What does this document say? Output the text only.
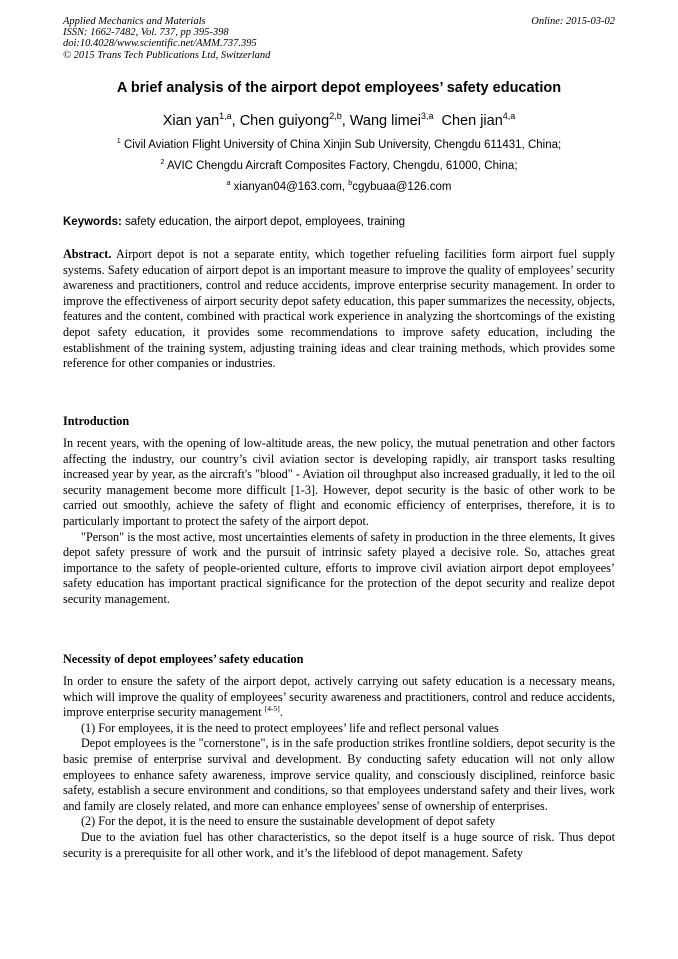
Applied Mechanics and Materials
ISSN: 1662-7482, Vol. 737, pp 395-398
doi:10.4028/www.scientific.net/AMM.737.395
© 2015 Trans Tech Publications Ltd, Switzerland
Online: 2015-03-02
A brief analysis of the airport depot employees’ safety education
Xian yan$^{1,a}$, Chen guiyong$^{2,b}$, Wang limei$^{3,a}$ Chen jian$^{4,a}$
$^1$ Civil Aviation Flight University of China Xinjin Sub University, Chengdu 611431, China;
$^2$ AVIC Chengdu Aircraft Composites Factory, Chengdu, 61000, China;
$^a$ xianyan04@163.com, $^b$cgybuaa@126.com
Keywords: safety education, the airport depot, employees, training

Abstract. Airport depot is not a separate entity, which together refueling facilities form airport fuel supply systems. Safety education of airport depot is an important measure to improve the quality of employees’ security awareness and practitioners, control and reduce accidents, improve enterprise security management. In order to improve the effectiveness of airport security depot safety education, this paper summarizes the necessity, objects, features and the content, combined with practical work experience in analyzing the shortcomings of the existing depot safety education, it provides some recommendations to improve safety education, including the establishment of the training system, adjusting training ideas and clear training methods, which provides some reference for other companies or industries.

Introduction

In recent years, with the opening of low-altitude areas, the new policy, the mutual penetration and other factors affecting the industry, our country’s civil aviation sector is developing rapidly, air transport tasks resulting increased year by year, as the aircraft's "blood" - Aviation oil throughput also increased gradually, it led to the oil security management become more difficult [1-3]. However, depot security is the basic of other work to be carried out smoothly, achieve the safety of flight and economic efficiency of enterprises, therefore, it is to particularly important to protect the safety of the airport depot.

"Person" is the most active, most uncertainties elements of safety in production in the three elements, It gives depot safety pressure of work and the pursuit of intrinsic safety played a decisive role. So, attaches great importance to the safety of people-oriented culture, efforts to improve civil aviation airport depot employees’ safety education has important practical significance for the protection of the depot security and realize depot security management.

Necessity of depot employees’ safety education

In order to ensure the safety of the airport depot, actively carrying out safety education is a necessary means, which will improve the quality of employees’ security awareness and practitioners, control and reduce accidents, improve enterprise security management [4-5].

(1) For employees, it is the need to protect employees’ life and reflect personal values

Depot employees is the "cornerstone", is in the safe production strikes frontline soldiers, depot security is the basic premise of enterprise survival and development. By conducting safety education will not only allow employees to enhance safety awareness, improve service quality, and consciously disciplined, reinforce basic safety, establish a secure environment and conditions, so that employees understand safety and their lives, work and family are closely related, and more can enhance employees' sense of ownership of enterprises.

(2) For the depot, it is the need to ensure the sustainable development of depot safety

Due to the aviation fuel has other characteristics, so the depot itself is a huge source of risk. Thus depot security is a prerequisite for all other work, and it’s the lifeblood of depot management. Safety
